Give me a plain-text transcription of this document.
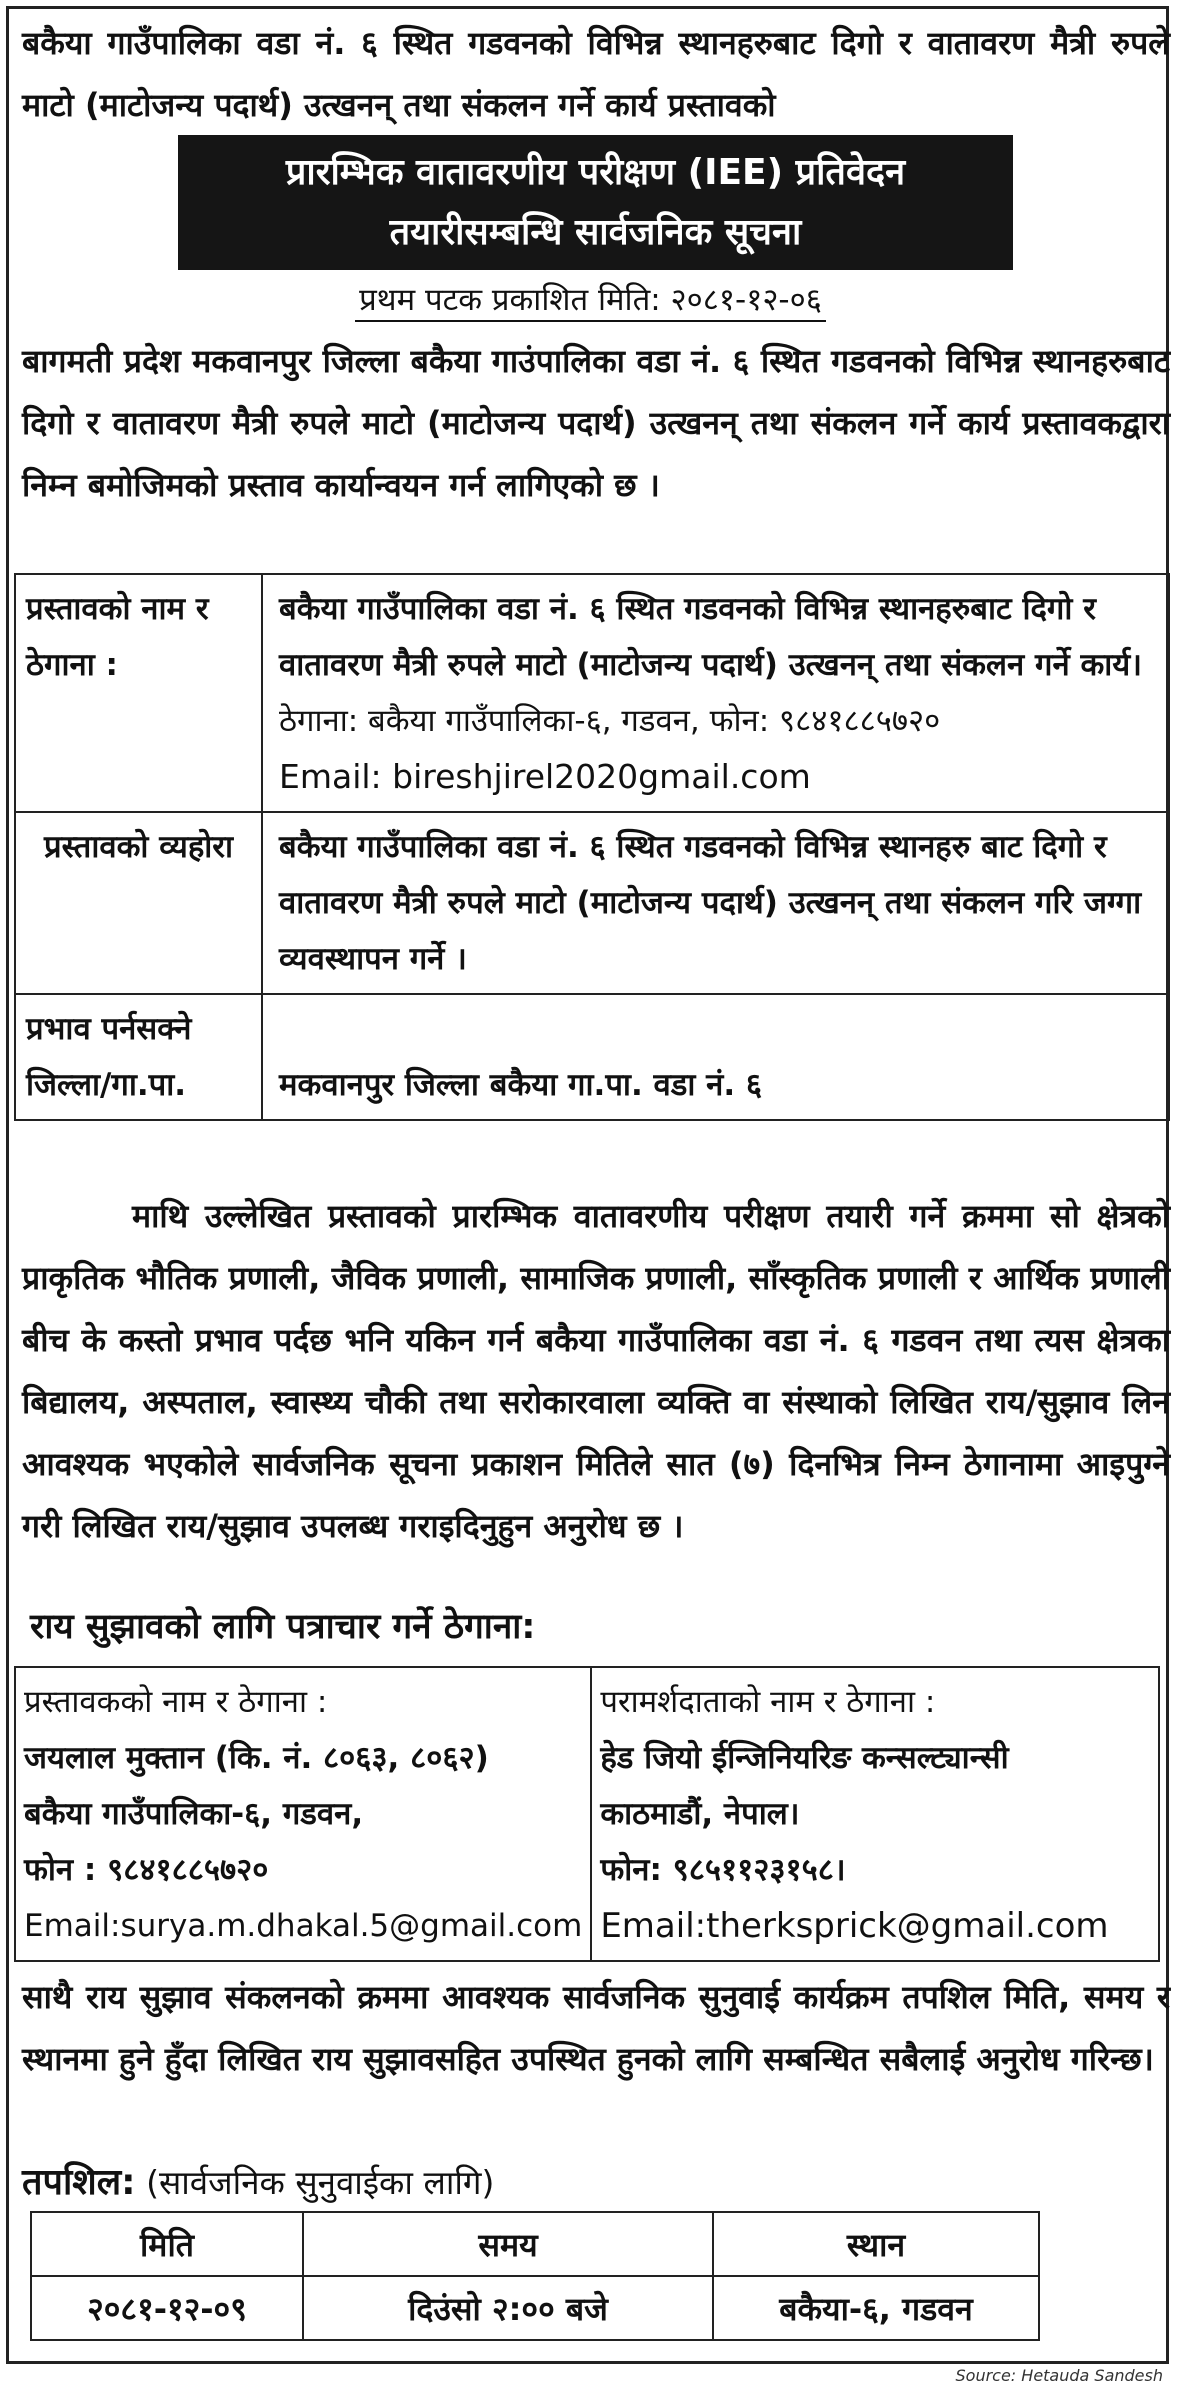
बकैया गाउँपालिका वडा नं. ६ स्थित गडवनको विभिन्न स्थानहरुबाट दिगो र वातावरण मैत्री रुपले माटो (माटोजन्य पदार्थ) उत्खनन् तथा संकलन गर्ने कार्य प्रस्तावको
प्रारम्भिक वातावरणीय परीक्षण (IEE) प्रतिवेदन
तयारीसम्बन्धि सार्वजनिक सूचना
प्रथम पटक प्रकाशित मिति: २०८१-१२-०६
बागमती प्रदेश मकवानपुर जिल्ला बकैया गाउंपालिका वडा नं. ६ स्थित गडवनको विभिन्न स्थानहरुबाट दिगो र वातावरण मैत्री रुपले माटो (माटोजन्य पदार्थ) उत्खनन् तथा संकलन गर्ने कार्य प्रस्तावकद्वारा निम्न बमोजिमको प्रस्ताव कार्यान्वयन गर्न लागिएको छ ।
प्रस्तावको नाम र ठेगाना :	बकैया गाउँपालिका वडा नं. ६ स्थित गडवनको विभिन्न स्थानहरुबाट दिगो र वातावरण मैत्री रुपले माटो (माटोजन्य पदार्थ) उत्खनन् तथा संकलन गर्ने कार्य।
ठेगाना: बकैया गाउँपालिका-६, गडवन, फोन: ९८४१८८५७२०
Email: bireshjirel2020gmail.com

प्रस्तावको व्यहोरा	बकैया गाउँपालिका वडा नं. ६ स्थित गडवनको विभिन्न स्थानहरु बाट दिगो र वातावरण मैत्री रुपले माटो (माटोजन्य पदार्थ) उत्खनन् तथा संकलन गरि जग्गा व्यवस्थापन गर्ने ।
प्रभाव पर्नसक्ने जिल्ला/गा.पा.	मकवानपुर जिल्ला बकैया गा.पा. वडा नं. ६
माथि उल्लेखित प्रस्तावको प्रारम्भिक वातावरणीय परीक्षण तयारी गर्ने क्रममा सो क्षेत्रको प्राकृतिक भौतिक प्रणाली, जैविक प्रणाली, सामाजिक प्रणाली, साँस्कृतिक प्रणाली र आर्थिक प्रणाली बीच के कस्तो प्रभाव पर्दछ भनि यकिन गर्न बकैया गाउँपालिका वडा नं. ६ गडवन तथा त्यस क्षेत्रका बिद्यालय, अस्पताल, स्वास्थ्य चौकी तथा सरोकारवाला व्यक्ति वा संस्थाको लिखित राय/सुझाव लिन आवश्यक भएकोले सार्वजनिक सूचना प्रकाशन मितिले सात (७) दिनभित्र निम्न ठेगानामा आइपुग्ने गरी लिखित राय/सुझाव उपलब्ध गराइदिनुहुन अनुरोध छ ।
राय सुझावको लागि पत्राचार गर्ने ठेगाना:
प्रस्तावकको नाम र ठेगाना :
जयलाल मुक्तान (कि. नं. ८०६३, ८०६२)
बकैया गाउँपालिका-६, गडवन,
फोन : ९८४१८८५७२०
Email:surya.m.dhakal.5@gmail.com

परामर्शदाताको नाम र ठेगाना :
हेड जियो ईन्जिनियरिङ कन्सल्ट्यान्सी
काठमाडौं, नेपाल।
फोन: ९८५११२३१५८।
Email:therksprick@gmail.com
साथै राय सुझाव संकलनको क्रममा आवश्यक सार्वजनिक सुनुवाई कार्यक्रम तपशिल मिति, समय र स्थानमा हुने हुँदा लिखित राय सुझावसहित उपस्थित हुनको लागि सम्बन्धित सबैलाई अनुरोध गरिन्छ।
तपशिल: (सार्वजनिक सुनुवाईका लागि)
मिति	समय	स्थान
२०८१-१२-०९	दिउंसो २:०० बजे	बकैया-६, गडवन
Source: Hetauda Sandesh
